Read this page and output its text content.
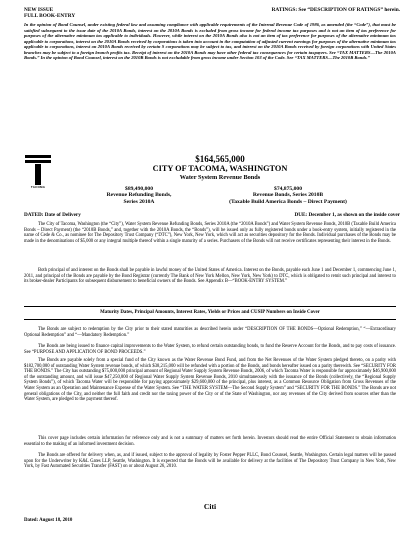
NEW ISSUE
FULL BOOK-ENTRY
RATINGS: See “DESCRIPTION OF RATINGS” herein.
In the opinion of Bond Counsel, under existing federal law and assuming compliance with applicable requirements of the Internal Revenue Code of 1986, as amended (the “Code”), that must be satisfied subsequent to the issue date of the 2010A Bonds, interest on the 2010A Bonds is excluded from gross income for federal income tax purposes and is not an item of tax preference for purposes of the alternative minimum tax applicable to individuals. However, while interest on the 2010A Bonds also is not an item of tax preference for purposes of the alternative minimum tax applicable to corporations, interest on the 2010A Bonds received by corporations is taken into account in the computation of adjusted current earnings for purposes of the alternative minimum tax applicable to corporations, interest on 2010A Bonds received by certain S corporations may be subject to tax, and interest on the 2010A Bonds received by foreign corporations with United States branches may be subject to a foreign branch profits tax. Receipt of interest on the 2010A Bonds may have other federal tax consequences for certain taxpayers. See “TAX MATTERS—The 2010A Bonds.” In the opinion of Bond Counsel, interest on the 2010B Bonds is not excludable from gross income under Section 103 of the Code. See “TAX MATTERS—The 2010B Bonds.”
TACOMA
$164,565,000
CITY OF TACOMA, WASHINGTON
Water System Revenue Bonds
$89,490,000
Revenue Refunding Bonds,
Series 2010A
$74,875,000
Revenue Bonds, Series 2010B
(Taxable Build America Bonds – Direct Payment)
DATED: Date of Delivery	DUE: December 1, as shown on the inside cover
The City of Tacoma, Washington (the “City”), Water System Revenue Refunding Bonds, Series 2010A (the “2010A Bonds”) and Water System Revenue Bonds, 2010B (Taxable Build America Bonds – Direct Payment) (the “2010B Bonds,” and, together with the 2010A Bonds, the “Bonds”), will be issued only as fully registered bonds under a book-entry system, initially registered in the name of Cede & Co., as nominee for The Depository Trust Company (“DTC”), New York, New York, which will act as securities depository for the Bonds. Individual purchases of the Bonds may be made in the denominations of $5,000 or any integral multiple thereof within a single maturity of a series. Purchasers of the Bonds will not receive certificates representing their interest in the Bonds.
Both principal of and interest on the Bonds shall be payable in lawful money of the United States of America. Interest on the Bonds, payable each June 1 and December 1, commencing June 1, 2011, and principal of the Bonds are payable by the Bond Registrar (currently The Bank of New York Mellon, New York, New York) to DTC, which is obligated to remit such principal and interest to its broker-dealer Participants for subsequent disbursement to beneficial owners of the Bonds. See Appendix B—“BOOK-ENTRY SYSTEM.”
Maturity Dates, Principal Amounts, Interest Rates, Yields or Prices and CUSIP Numbers on Inside Cover
The Bonds are subject to redemption by the City prior to their stated maturities as described herein under “DESCRIPTION OF THE BONDS—Optional Redemption,” “—Extraordinary Optional Redemption” and “—Mandatory Redemption.”
The Bonds are being issued to finance capital improvements to the Water System, to refund certain outstanding bonds, to fund the Reserve Account for the Bonds, and to pay costs of issuance. See “PURPOSE AND APPLICATION OF BOND PROCEEDS.”
The Bonds are payable solely from a special fund of the City known as the Water Revenue Bond Fund, and from the Net Revenues of the Water System pledged thereto, on a parity with $182,700,000 of outstanding Water System revenue bonds, of which $38,215,000 will be refunded with a portion of the Bonds, and bonds hereafter issued on a parity therewith. See “SECURITY FOR THE BONDS.” The City has outstanding $75,000,000 principal amount of Regional Water Supply System Revenue Bonds, 2006, of which Tacoma Water is responsible for approximately $46,900,000 of the outstanding amount, and will issue $47,250,000 of Regional Water Supply System Revenue Bonds, 2010 simultaneously with the issuance of the Bonds (collectively, the “Regional Supply System Bonds”), of which Tacoma Water will be responsible for paying approximately $29,600,000 of the principal, plus interest, as a Common Resource Obligation from Gross Revenues of the Water System as an Operation and Maintenance Expense of the Water System. See “THE WATER SYSTEM—The Second Supply System” and “SECURITY FOR THE BONDS.” The Bonds are not general obligations of the City, and neither the full faith and credit nor the taxing power of the City or of the State of Washington, nor any revenues of the City derived from sources other than the Water System, are pledged to the payment thereof.
This cover page includes certain information for reference only and is not a summary of matters set forth herein. Investors should read the entire Official Statement to obtain information essential to the making of an informed investment decision.
The Bonds are offered for delivery when, as, and if issued, subject to the approval of legality by Foster Pepper PLLC, Bond Counsel, Seattle, Washington. Certain legal matters will be passed upon for the Underwriter by K&L Gates LLP, Seattle, Washington. It is expected that the Bonds will be available for delivery at the facilities of The Depository Trust Company in New York, New York, by Fast Automated Securities Transfer (FAST) on or about August 26, 2010.
Citi
Dated: August 18, 2010
